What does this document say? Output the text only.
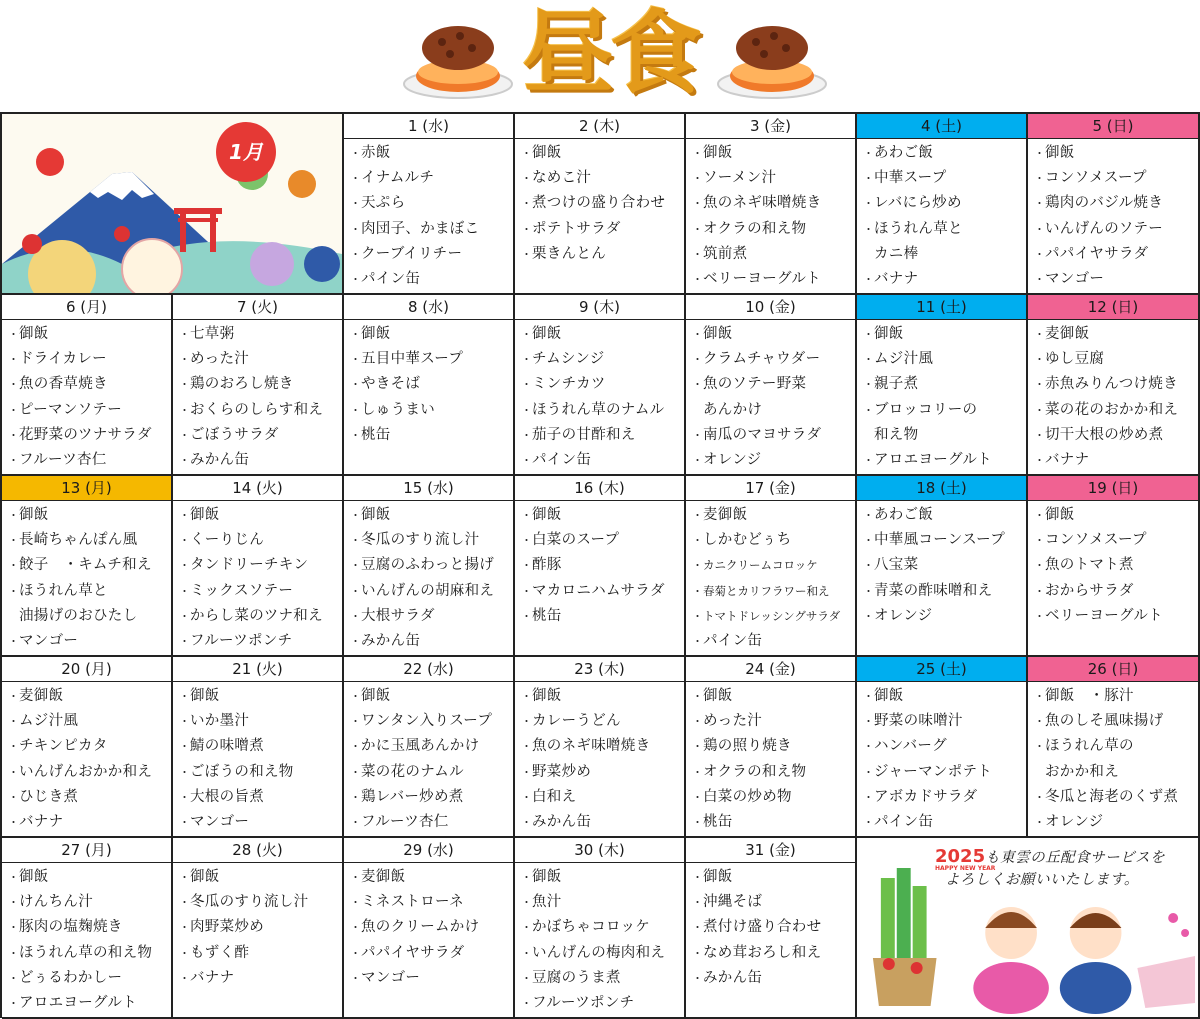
昼食
1月
2025も東雲の丘配食サービスを
よろしくお願いいたします。
HAPPY NEW YEAR
1 (水)
・赤飯
・イナムルチ
・天ぷら
・肉団子、かまぼこ
・クーブイリチー
・パイン缶
2 (木)
・御飯
・なめこ汁
・煮つけの盛り合わせ
・ポテトサラダ
・栗きんとん
3 (金)
・御飯
・ソーメン汁
・魚のネギ味噌焼き
・オクラの和え物
・筑前煮
・ベリーヨーグルト
4 (土)
・あわご飯
・中華スープ
・レバにら炒め
・ほうれん草と
カニ棒
・バナナ
5 (日)
・御飯
・コンソメスープ
・鶏肉のバジル焼き
・いんげんのソテー
・パパイヤサラダ
・マンゴー
6 (月)
・御飯
・ドライカレー
・魚の香草焼き
・ピーマンソテー
・花野菜のツナサラダ
・フルーツ杏仁
7 (火)
・七草粥
・めった汁
・鶏のおろし焼き
・おくらのしらす和え
・ごぼうサラダ
・みかん缶
8 (水)
・御飯
・五目中華スープ
・やきそば
・しゅうまい
・桃缶
9 (木)
・御飯
・チムシンジ
・ミンチカツ
・ほうれん草のナムル
・茄子の甘酢和え
・パイン缶
10 (金)
・御飯
・クラムチャウダー
・魚のソテー野菜
あんかけ
・南瓜のマヨサラダ
・オレンジ
11 (土)
・御飯
・ムジ汁風
・親子煮
・ブロッコリーの
和え物
・アロエヨーグルト
12 (日)
・麦御飯
・ゆし豆腐
・赤魚みりんつけ焼き
・菜の花のおかか和え
・切干大根の炒め煮
・バナナ
13 (月)
・御飯
・長崎ちゃんぽん風
・餃子　・キムチ和え
・ほうれん草と
油揚げのおひたし
・マンゴー
14 (火)
・御飯
・くーりじん
・タンドリーチキン
・ミックスソテー
・からし菜のツナ和え
・フルーツポンチ
15 (水)
・御飯
・冬瓜のすり流し汁
・豆腐のふわっと揚げ
・いんげんの胡麻和え
・大根サラダ
・みかん缶
16 (木)
・御飯
・白菜のスープ
・酢豚
・マカロニハムサラダ
・桃缶
17 (金)
・麦御飯
・しかむどぅち
・カニクリームコロッケ
・春菊とカリフラワー和え
・トマトドレッシングサラダ
・パイン缶
18 (土)
・あわご飯
・中華風コーンスープ
・八宝菜
・青菜の酢味噌和え
・オレンジ
19 (日)
・御飯
・コンソメスープ
・魚のトマト煮
・おからサラダ
・ベリーヨーグルト
20 (月)
・麦御飯
・ムジ汁風
・チキンピカタ
・いんげんおかか和え
・ひじき煮
・バナナ
21 (火)
・御飯
・いか墨汁
・鯖の味噌煮
・ごぼうの和え物
・大根の旨煮
・マンゴー
22 (水)
・御飯
・ワンタン入りスープ
・かに玉風あんかけ
・菜の花のナムル
・鶏レバー炒め煮
・フルーツ杏仁
23 (木)
・御飯
・カレーうどん
・魚のネギ味噌焼き
・野菜炒め
・白和え
・みかん缶
24 (金)
・御飯
・めった汁
・鶏の照り焼き
・オクラの和え物
・白菜の炒め物
・桃缶
25 (土)
・御飯
・野菜の味噌汁
・ハンバーグ
・ジャーマンポテト
・アボカドサラダ
・パイン缶
26 (日)
・御飯　・豚汁
・魚のしそ風味揚げ
・ほうれん草の
おかか和え
・冬瓜と海老のくず煮
・オレンジ
27 (月)
・御飯
・けんちん汁
・豚肉の塩麹焼き
・ほうれん草の和え物
・どぅるわかしー
・アロエヨーグルト
28 (火)
・御飯
・冬瓜のすり流し汁
・肉野菜炒め
・もずく酢
・バナナ
29 (水)
・麦御飯
・ミネストローネ
・魚のクリームかけ
・パパイヤサラダ
・マンゴー
30 (木)
・御飯
・魚汁
・かぼちゃコロッケ
・いんげんの梅肉和え
・豆腐のうま煮
・フルーツポンチ
31 (金)
・御飯
・沖縄そば
・煮付け盛り合わせ
・なめ茸おろし和え
・みかん缶
